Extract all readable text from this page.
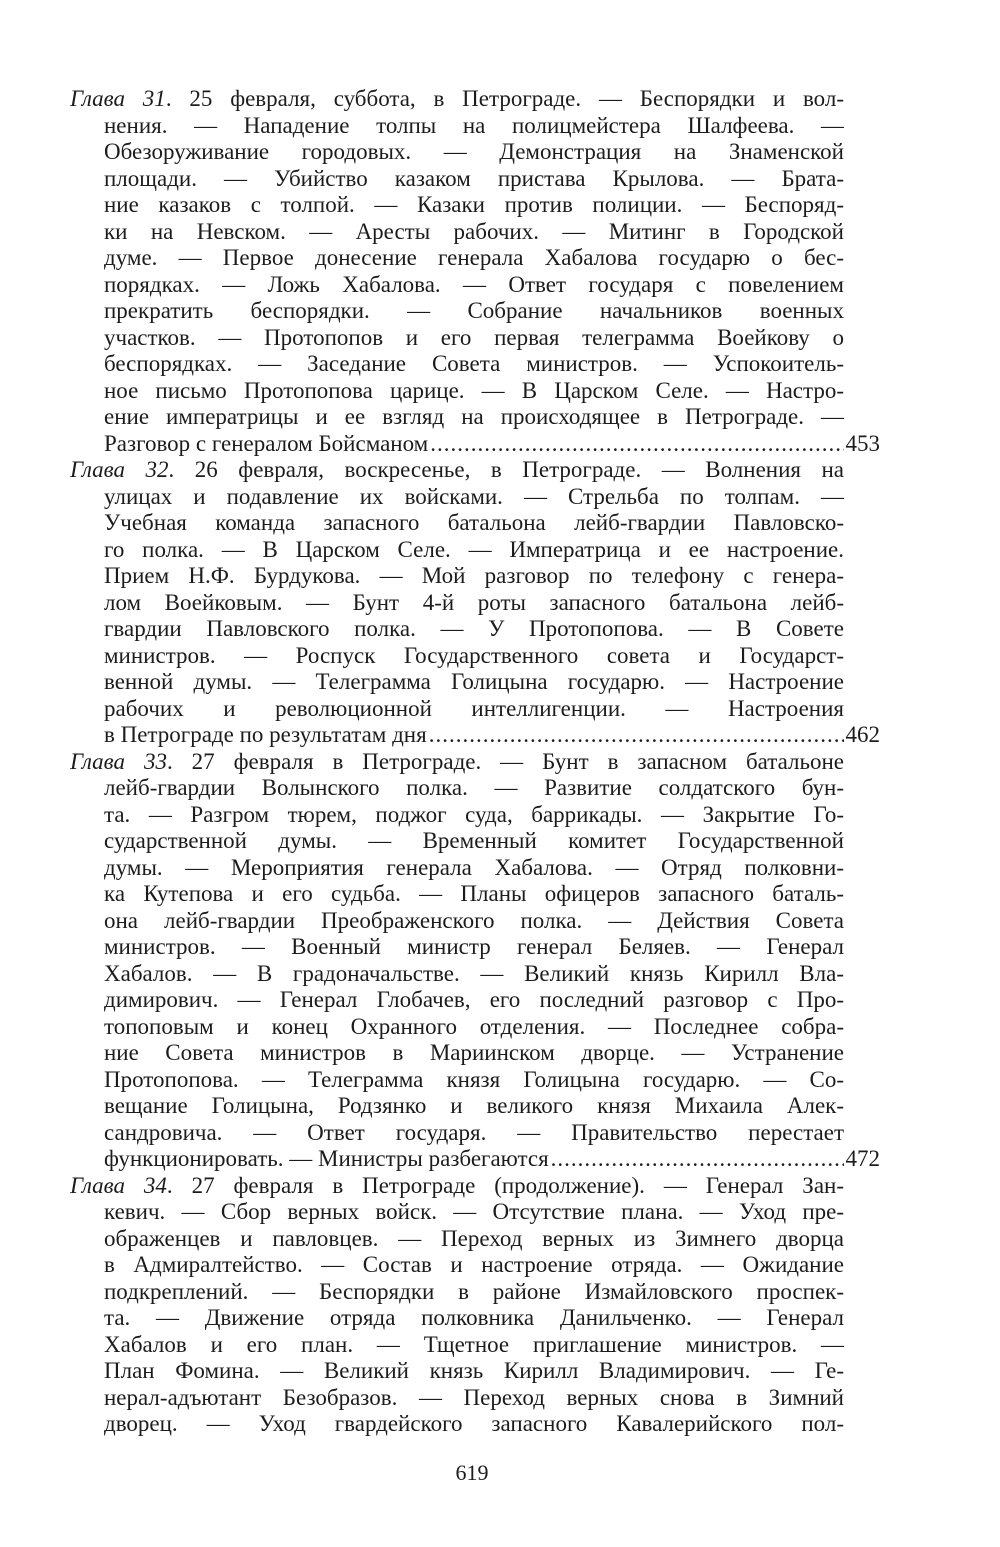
Глава 31. 25 февраля, суббота, в Петрограде. — Беспорядки и вол-
нения. — Нападение толпы на полицмейстера Шалфеева. —
Обезоруживание городовых. — Демонстрация на Знаменской
площади. — Убийство казаком пристава Крылова. — Брата-
ние казаков с толпой. — Казаки против полиции. — Беспоряд-
ки на Невском. — Аресты рабочих. — Митинг в Городской
думе. — Первое донесение генерала Хабалова государю о бес-
порядках. — Ложь Хабалова. — Ответ государя с повелением
прекратить беспорядки. — Собрание начальников военных
участков. — Протопопов и его первая телеграмма Воейкову о
беспорядках. — Заседание Совета министров. — Успокоитель-
ное письмо Протопопова царице. — В Царском Селе. — Настро-
ение императрицы и ее взгляд на происходящее в Петрограде. —
Разговор с генералом Бойсманом .....	453
Глава 32. 26 февраля, воскресенье, в Петрограде. — Волнения на
улицах и подавление их войсками. — Стрельба по толпам. —
Учебная команда запасного батальона лейб-гвардии Павловско-
го полка. — В Царском Селе. — Императрица и ее настроение.
Прием Н.Ф. Бурдукова. — Мой разговор по телефону с генера-
лом Воейковым. — Бунт 4-й роты запасного батальона лейб-
гвардии Павловского полка. — У Протопопова. — В Совете
министров. — Роспуск Государственного совета и Государст-
венной думы. — Телеграмма Голицына государю. — Настроение
рабочих и революционной интеллигенции. — Настроения
в Петрограде по результатам дня .....	462
Глава 33. 27 февраля в Петрограде. — Бунт в запасном батальоне
лейб-гвардии Волынского полка. — Развитие солдатского бун-
та. — Разгром тюрем, поджог суда, баррикады. — Закрытие Го-
сударственной думы. — Временный комитет Государственной
думы. — Мероприятия генерала Хабалова. — Отряд полковни-
ка Кутепова и его судьба. — Планы офицеров запасного баталь-
она лейб-гвардии Преображенского полка. — Действия Совета
министров. — Военный министр генерал Беляев. — Генерал
Хабалов. — В градоначальстве. — Великий князь Кирилл Вла-
димирович. — Генерал Глобачев, его последний разговор с Про-
топоповым и конец Охранного отделения. — Последнее собра-
ние Совета министров в Мариинском дворце. — Устранение
Протопопова. — Телеграмма князя Голицына государю. — Со-
вещание Голицына, Родзянко и великого князя Михаила Алек-
сандровича. — Ответ государя. — Правительство перестает
функционировать. — Министры разбегаются .....	472
Глава 34. 27 февраля в Петрограде (продолжение). — Генерал Зан-
кевич. — Сбор верных войск. — Отсутствие плана. — Уход пре-
ображенцев и павловцев. — Переход верных из Зимнего дворца
в Адмиралтейство. — Состав и настроение отряда. — Ожидание
подкреплений. — Беспорядки в районе Измайловского проспек-
та. — Движение отряда полковника Данильченко. — Генерал
Хабалов и его план. — Тщетное приглашение министров. —
План Фомина. — Великий князь Кирилл Владимирович. — Ге-
нерал-адъютант Безобразов. — Переход верных снова в Зимний
дворец. — Уход гвардейского запасного Кавалерийского пол-
619
